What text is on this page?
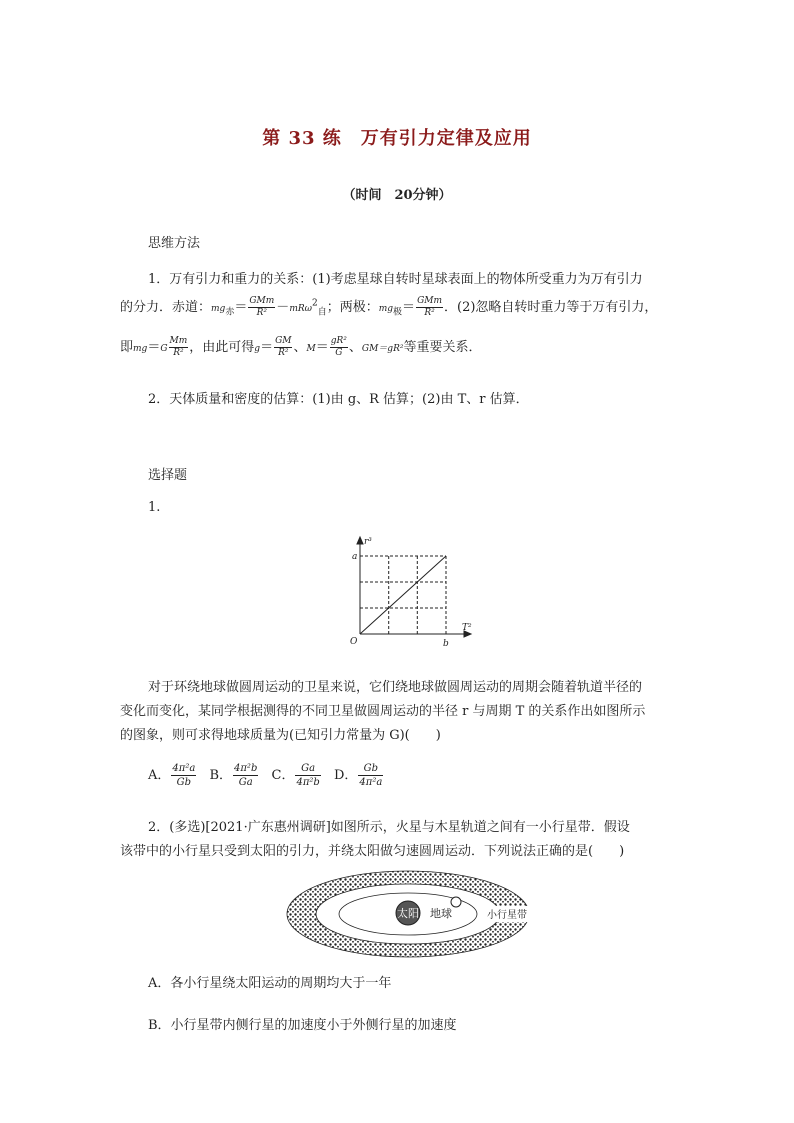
第 33 练　万有引力定律及应用
（时间　20分钟）
思维方法
1．万有引力和重力的关系：(1)考虑星球自转时星球表面上的物体所受重力为万有引力
的分力．赤道：$mg_赤= \frac{\text{GMm}}{\text{R²}} -mR\omega^2_自$；两极：$mg_极= \frac{\text{GMm}}{\text{R²}}$ ．(2)忽略自转时重力等于万有引力，
即$mg=G \frac{Mm}{\text{R²}}$ ，由此可得$g= \frac{GM}{\text{R²}}$ 、$M= \frac{\text{gR²}}{G}$ 、GM＝gR²等重要关系．
2．天体质量和密度的估算：(1)由 g、R 估算；(2)由 T、r 估算．
选择题
1.
r³
T²
a
b
O
对于环绕地球做圆周运动的卫星来说，它们绕地球做圆周运动的周期会随着轨道半径的
变化而变化，某同学根据测得的不同卫星做圆周运动的半径 r 与周期 T 的关系作出如图所示
的图象，则可求得地球质量为(已知引力常量为 G)(　　)
A． $\frac{\text{4π²a}}{Gb}$ B． $\frac{\text{4π²b}}{Ga}$ C． $\frac{Ga}{\text{4π²b}}$ D． $\frac{Gb}{\text{4π²a}}$
2．(多选)[2021·广东惠州调研]如图所示，火星与木星轨道之间有一小行星带．假设
该带中的小行星只受到太阳的引力，并绕太阳做匀速圆周运动．下列说法正确的是(　　)
太阳 地球	小行星带
A．各小行星绕太阳运动的周期均大于一年
B．小行星带内侧行星的加速度小于外侧行星的加速度
